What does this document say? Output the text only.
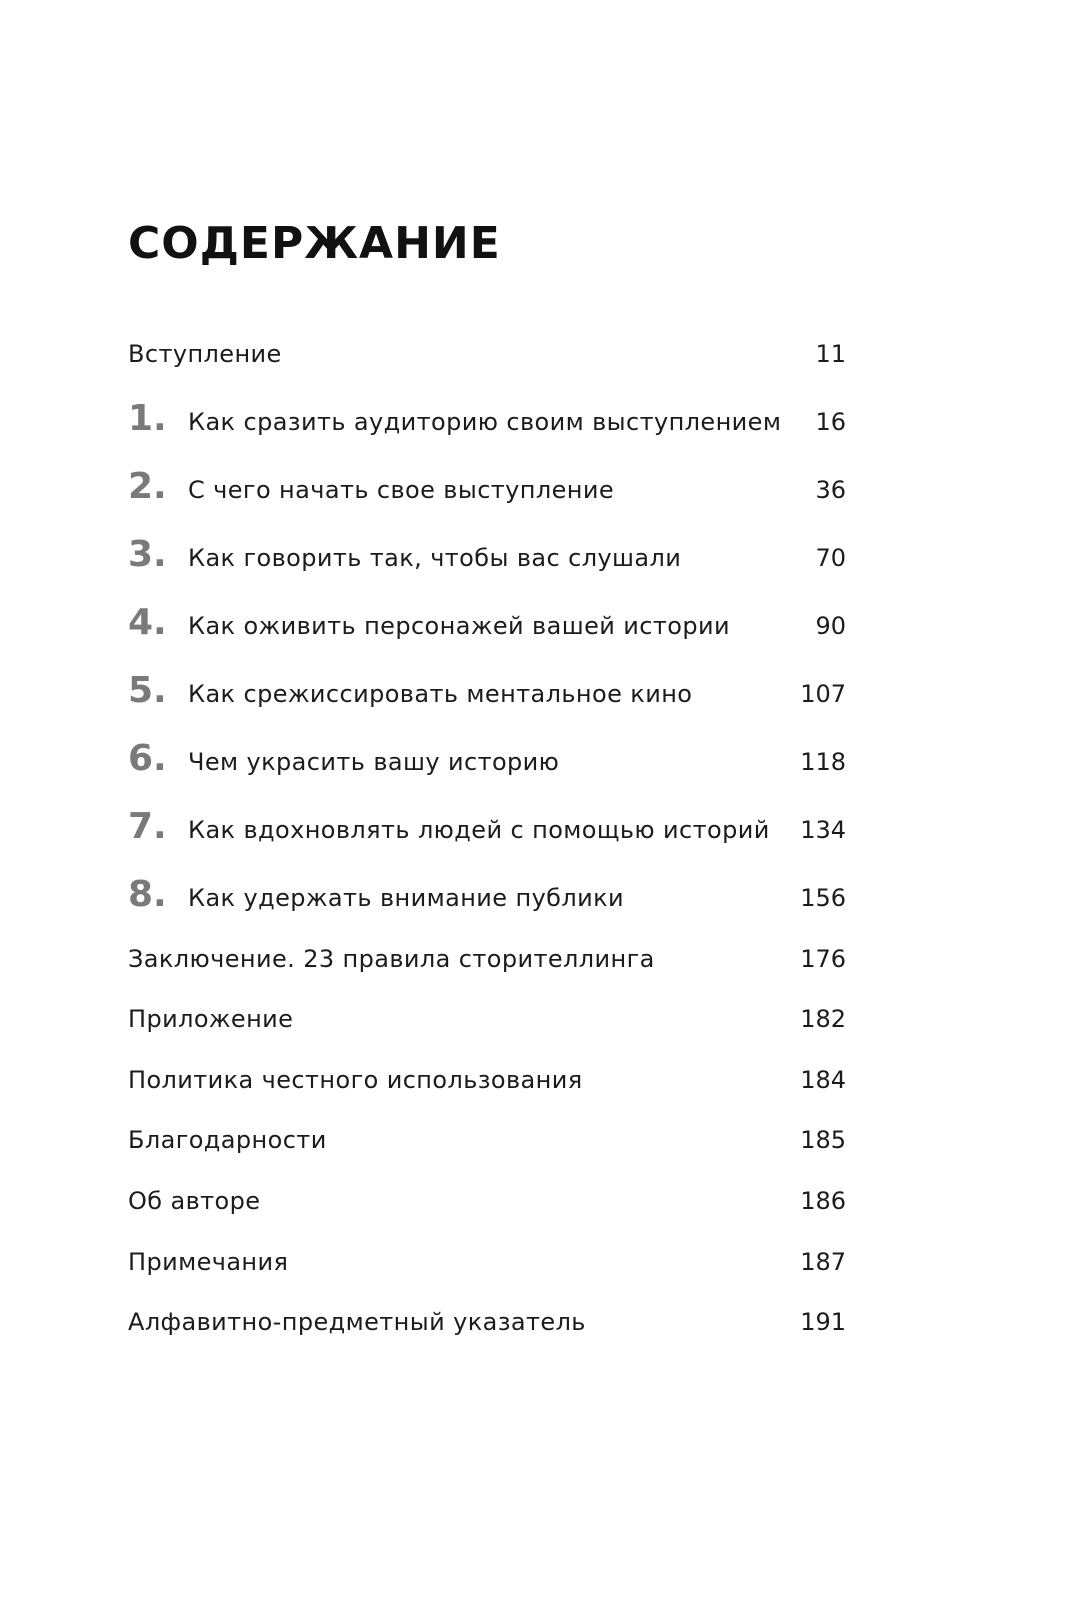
СОДЕРЖАНИЕ
Вступление	11
1. Как сразить аудиторию своим выступлением 16
2. С чего начать свое выступление	36
3. Как говорить так, чтобы вас слушали	70
4. Как оживить персонажей вашей истории	90
5. Как срежиссировать ментальное кино	107
6. Чем украсить вашу историю	118
7. Как вдохновлять людей с помощью историй 134
8. Как удержать внимание публики	156
Заключение. 23 правила сторителлинга	176
Приложение	182
Политика честного использования	184
Благодарности	185
Об авторе	186
Примечания	187
Алфавитно-предметный указатель	191
